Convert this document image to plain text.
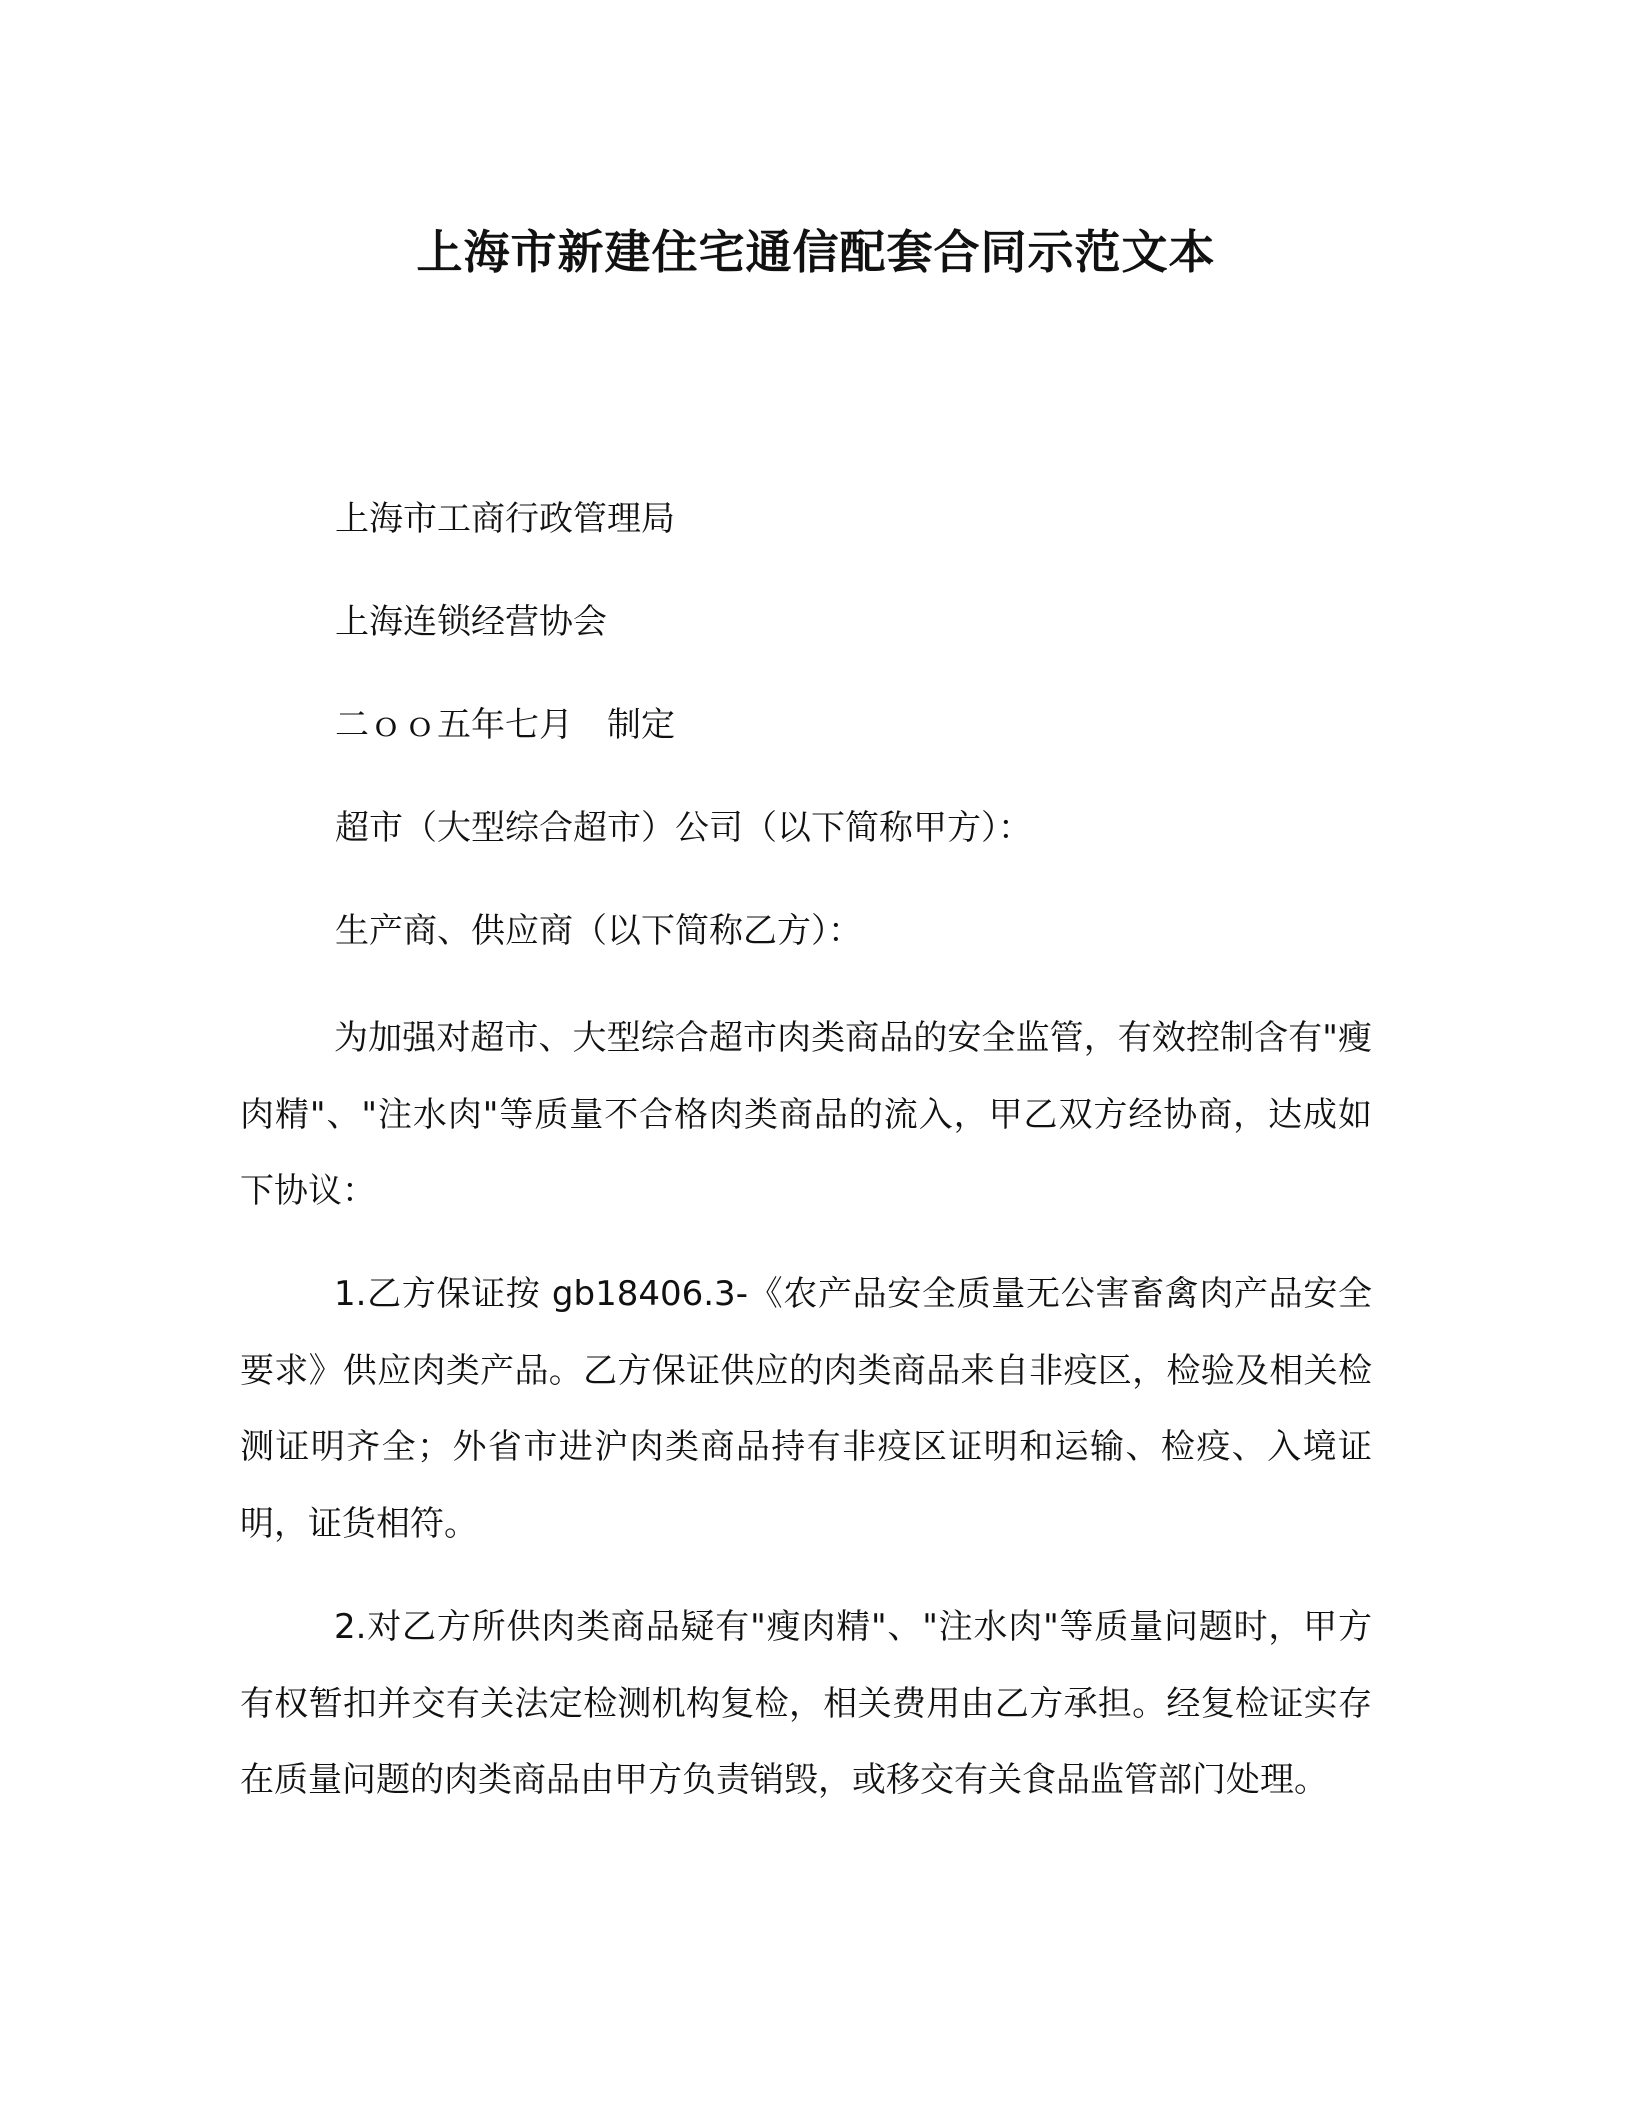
上海市新建住宅通信配套合同示范文本
上海市工商行政管理局
上海连锁经营协会
二ｏｏ五年七月　制定
超市（大型综合超市）公司（以下简称甲方）：
生产商、供应商（以下简称乙方）：
为加强对超市、大型综合超市肉类商品的安全监管，有效控制含有"瘦肉精"、"注水肉"等质量不合格肉类商品的流入，甲乙双方经协商，达成如下协议：
1.乙方保证按 gb18406.3-《农产品安全质量无公害畜禽肉产品安全要求》供应肉类产品。乙方保证供应的肉类商品来自非疫区，检验及相关检测证明齐全；外省市进沪肉类商品持有非疫区证明和运输、检疫、入境证明，证货相符。
2.对乙方所供肉类商品疑有"瘦肉精"、"注水肉"等质量问题时，甲方有权暂扣并交有关法定检测机构复检，相关费用由乙方承担。经复检证实存在质量问题的肉类商品由甲方负责销毁，或移交有关食品监管部门处理。
